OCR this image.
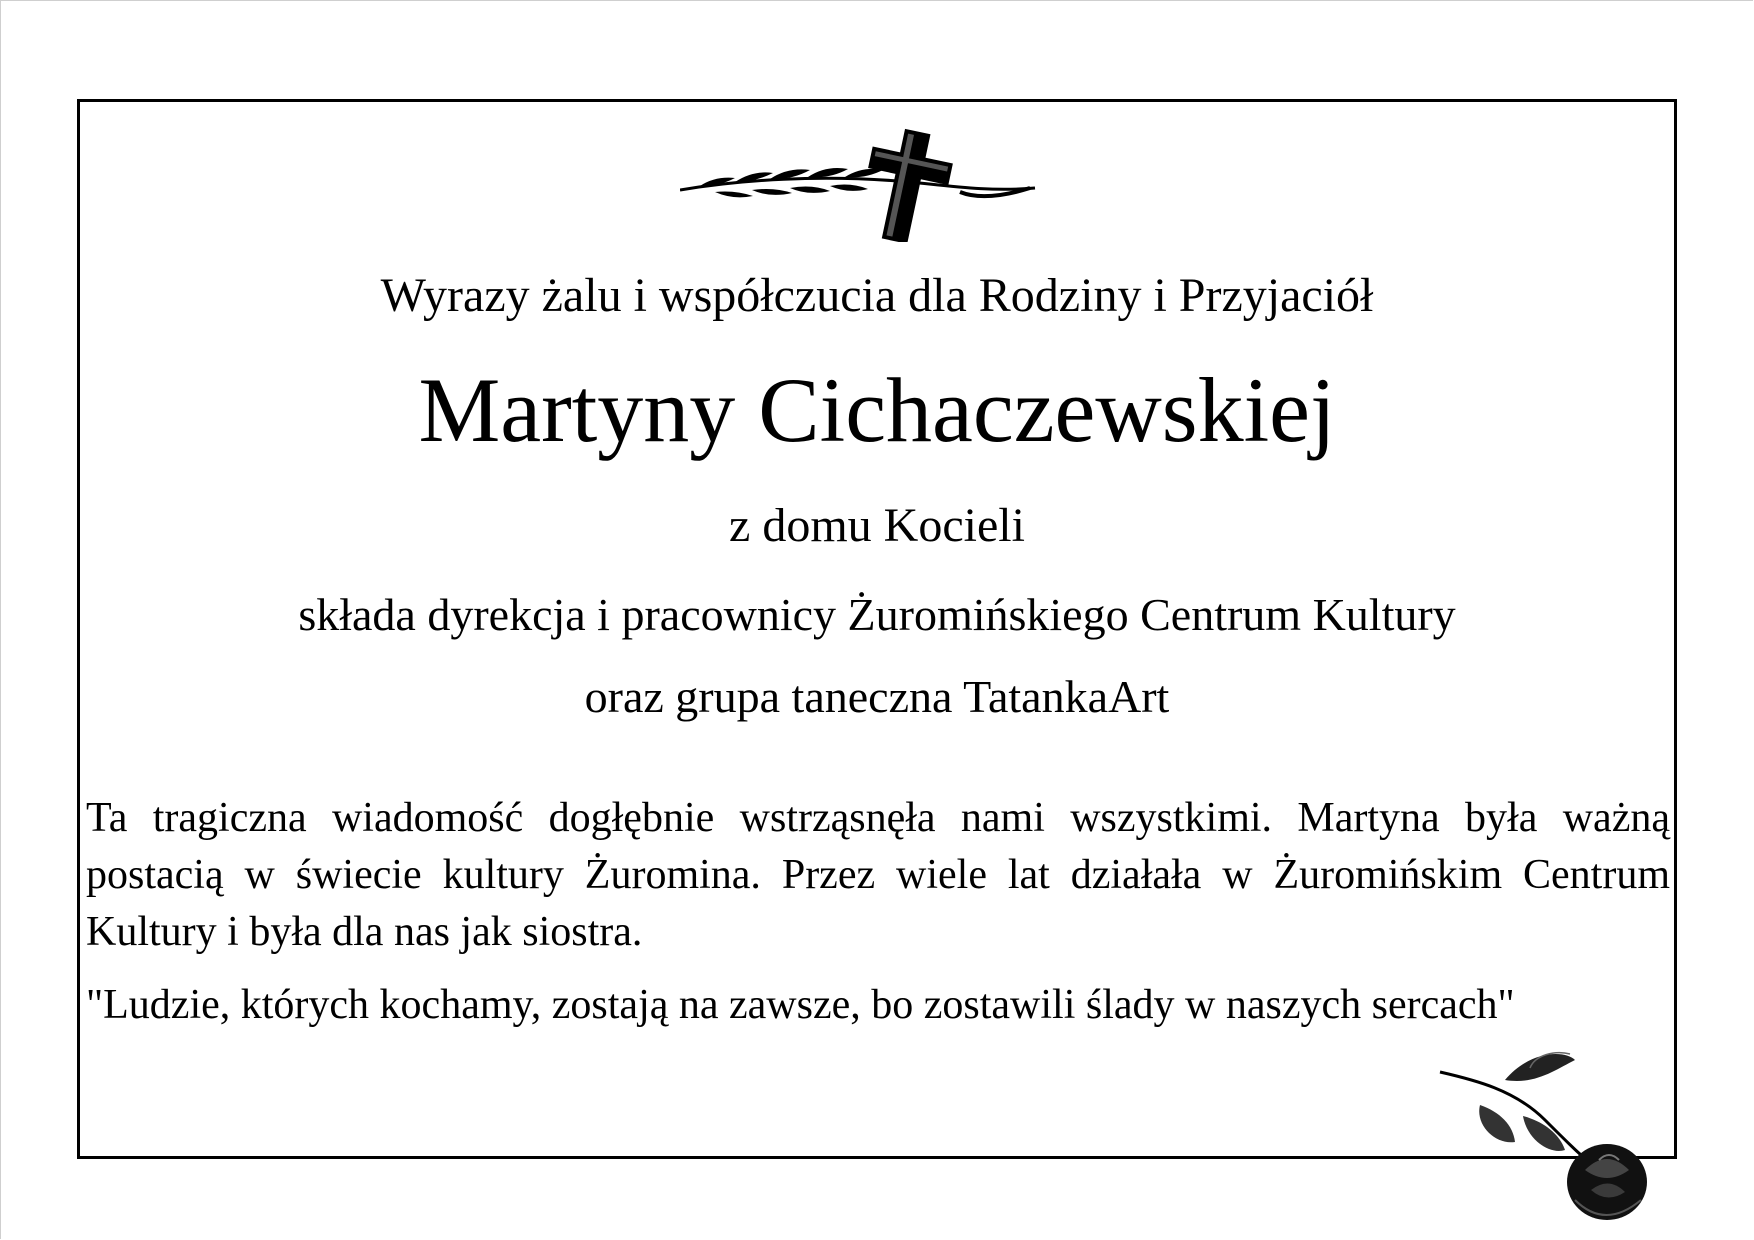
Wyrazy żalu i współczucia dla Rodziny i Przyjaciół
Martyny Cichaczewskiej
z domu Kocieli
składa dyrekcja i pracownicy Żuromińskiego Centrum Kultury
oraz grupa taneczna TatankaArt

Ta tragiczna wiadomość dogłębnie wstrząsnęła nami wszystkimi. Martyna była ważną postacią w świecie kultury Żuromina. Przez wiele lat działała w Żuromińskim Centrum Kultury i była dla nas jak siostra.

"Ludzie, których kochamy, zostają na zawsze, bo zostawili ślady w naszych sercach"
